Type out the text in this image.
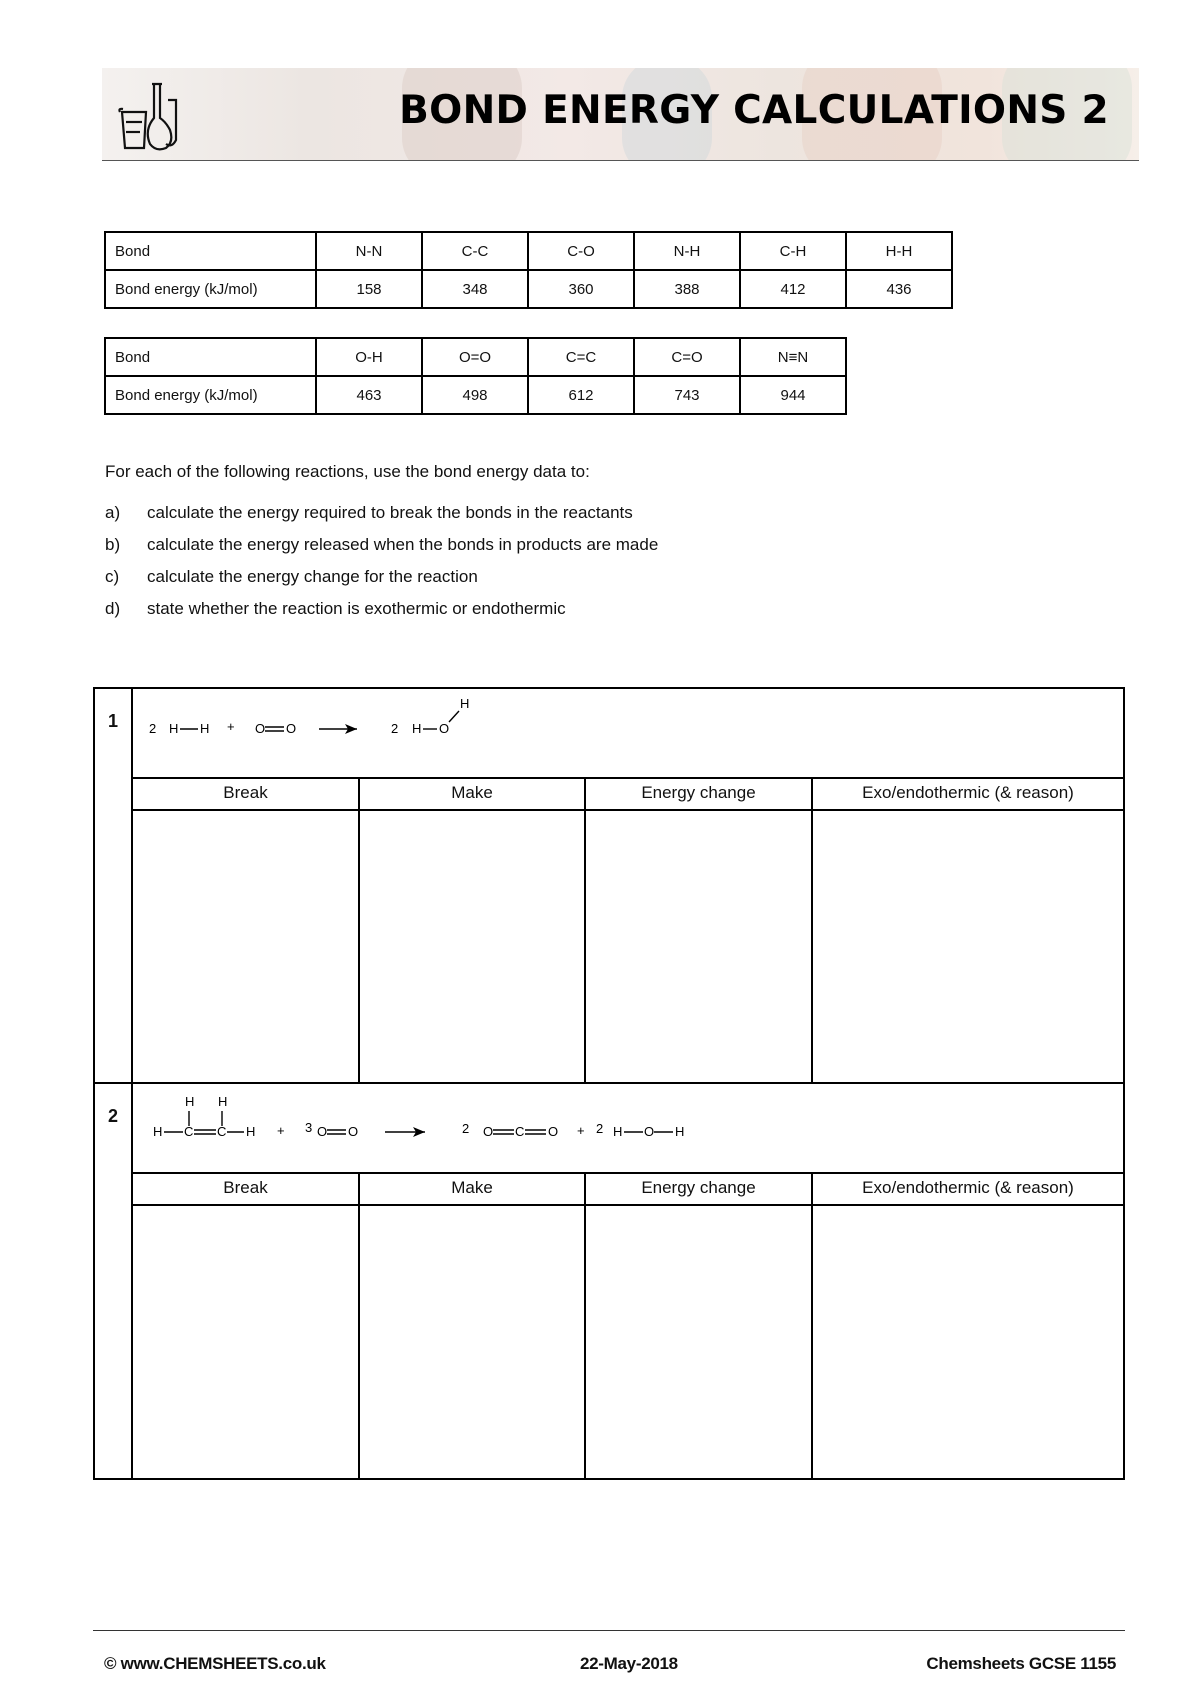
BOND ENERGY CALCULATIONS 2
Bond	N-N	C-C	C-O	N-H	C-H	H-H
Bond energy (kJ/mol)	158	348	360	388	412	436
Bond	O-H	O=O	C=C	C=O	N≡N
Bond energy (kJ/mol)	463	498	612	743	944
For each of the following reactions, use the bond energy data to:
a) calculate the energy required to break the bonds in the reactants
b) calculate the energy released when the bonds in products are made
c) calculate the energy change for the reaction
d) state whether the reaction is exothermic or endothermic
1	2 H H + O O	2 H O
H
Break	Make	Energy change	Exo/endothermic (& reason)
2
H H
H C C H + 3 O O	2 O C O + 2 H O H
Break	Make	Energy change	Exo/endothermic (& reason)
© www.CHEMSHEETS.co.uk	22-May-2018	Chemsheets GCSE 1155
